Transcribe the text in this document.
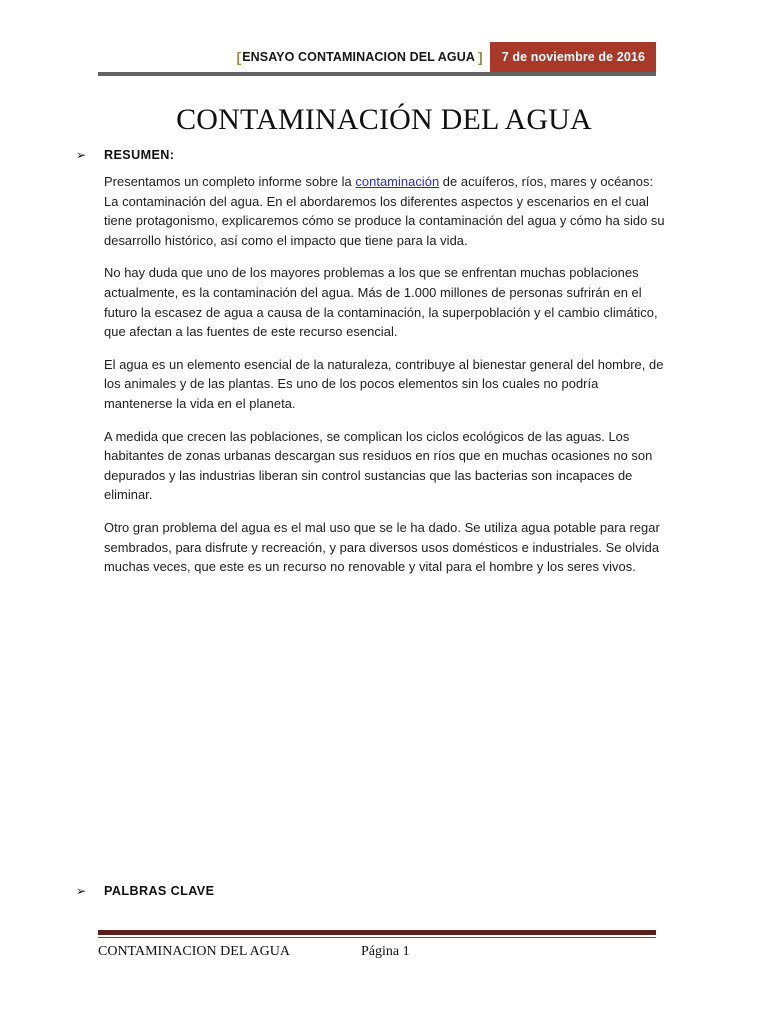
[ ENSAYO CONTAMINACION DEL AGUA ]	7 de noviembre de 2016
CONTAMINACIÓN DEL AGUA
➢	RESUMEN:

Presentamos un completo informe sobre la contaminación de acuíferos, ríos, mares y océanos: La contaminación del agua. En el abordaremos los diferentes aspectos y escenarios en el cual tiene protagonismo, explicaremos cómo se produce la contaminación del agua y cómo ha sido su desarrollo histórico, así como el impacto que tiene para la vida.

No hay duda que uno de los mayores problemas a los que se enfrentan muchas poblaciones actualmente, es la contaminación del agua. Más de 1.000 millones de personas sufrirán en el futuro la escasez de agua a causa de la contaminación, la superpoblación y el cambio climático, que afectan a las fuentes de este recurso esencial.

El agua es un elemento esencial de la naturaleza, contribuye al bienestar general del hombre, de los animales y de las plantas. Es uno de los pocos elementos sin los cuales no podría mantenerse la vida en el planeta.

A medida que crecen las poblaciones, se complican los ciclos ecológicos de las aguas. Los habitantes de zonas urbanas descargan sus residuos en ríos que en muchas ocasiones no son depurados y las industrias liberan sin control sustancias que las bacterias son incapaces de eliminar.

Otro gran problema del agua es el mal uso que se le ha dado. Se utiliza agua potable para regar sembrados, para disfrute y recreación, y para diversos usos domésticos e industriales. Se olvida muchas veces, que este es un recurso no renovable y vital para el hombre y los seres vivos.

➢	PALBRAS CLAVE
CONTAMINACION DEL AGUA	Página 1
